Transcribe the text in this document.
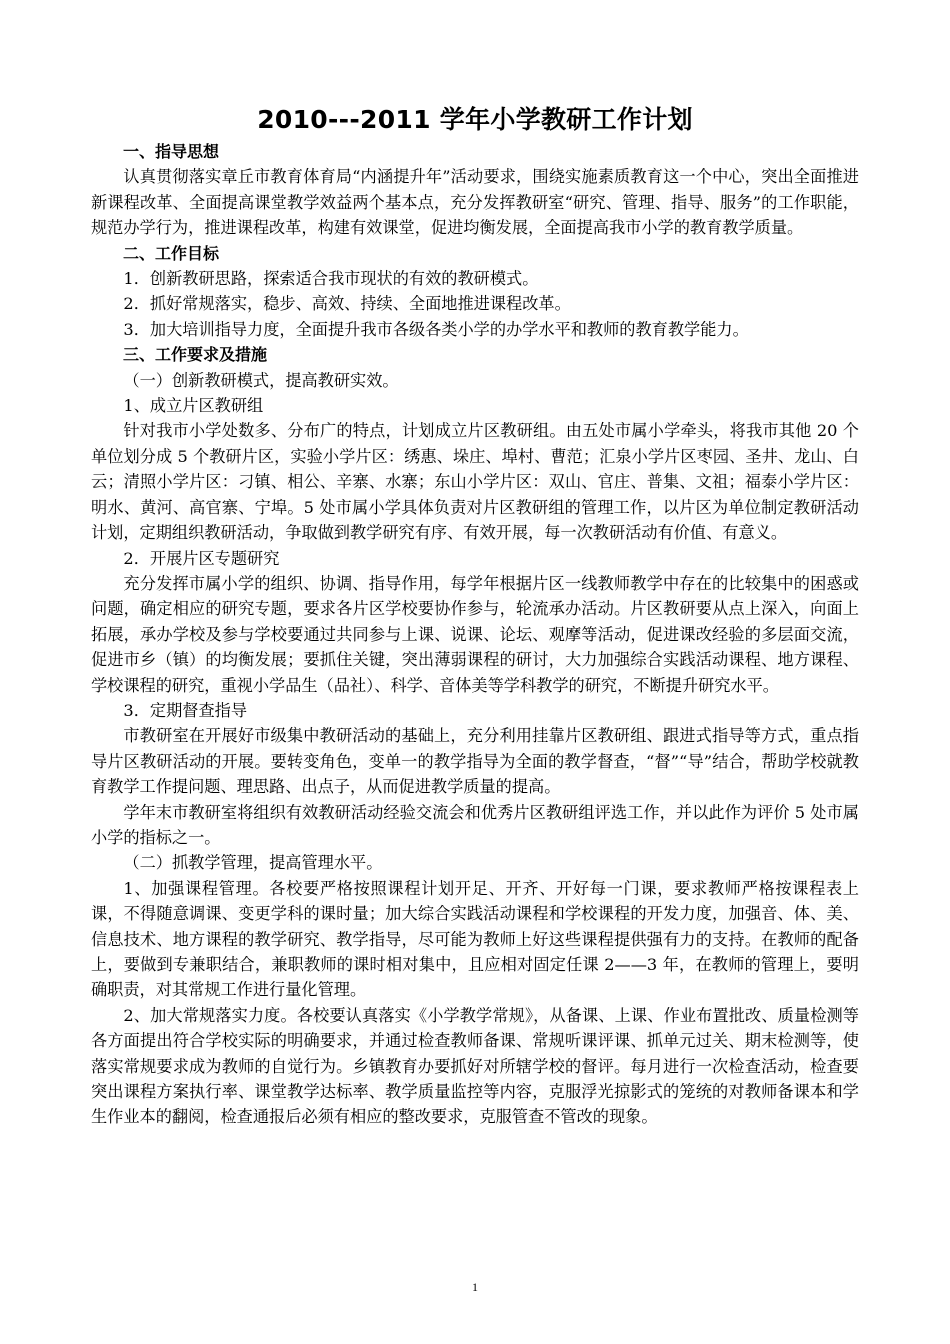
2010---2011 学年小学教研工作计划

一、指导思想

认真贯彻落实章丘市教育体育局“内涵提升年”活动要求，围绕实施素质教育这一个中心，突出全面推进新课程改革、全面提高课堂教学效益两个基本点，充分发挥教研室“研究、管理、指导、服务”的工作职能，规范办学行为，推进课程改革，构建有效课堂，促进均衡发展，全面提高我市小学的教育教学质量。

二、工作目标

1．创新教研思路，探索适合我市现状的有效的教研模式。

2．抓好常规落实，稳步、高效、持续、全面地推进课程改革。

3．加大培训指导力度，全面提升我市各级各类小学的办学水平和教师的教育教学能力。

三、工作要求及措施

（一）创新教研模式，提高教研实效。

1、成立片区教研组

针对我市小学处数多、分布广的特点，计划成立片区教研组。由五处市属小学牵头，将我市其他 20 个单位划分成 5 个教研片区，实验小学片区：绣惠、垛庄、埠村、曹范；汇泉小学片区枣园、圣井、龙山、白云；清照小学片区：刁镇、相公、辛寨、水寨；东山小学片区：双山、官庄、普集、文祖；福泰小学片区：明水、黄河、高官寨、宁埠。5 处市属小学具体负责对片区教研组的管理工作，以片区为单位制定教研活动计划，定期组织教研活动，争取做到教学研究有序、有效开展，每一次教研活动有价值、有意义。

2．开展片区专题研究

充分发挥市属小学的组织、协调、指导作用，每学年根据片区一线教师教学中存在的比较集中的困惑或问题，确定相应的研究专题，要求各片区学校要协作参与，轮流承办活动。片区教研要从点上深入，向面上拓展，承办学校及参与学校要通过共同参与上课、说课、论坛、观摩等活动，促进课改经验的多层面交流，促进市乡（镇）的均衡发展；要抓住关键，突出薄弱课程的研讨，大力加强综合实践活动课程、地方课程、学校课程的研究，重视小学品生（品社）、科学、音体美等学科教学的研究，不断提升研究水平。

3．定期督查指导

市教研室在开展好市级集中教研活动的基础上，充分利用挂靠片区教研组、跟进式指导等方式，重点指导片区教研活动的开展。要转变角色，变单一的教学指导为全面的教学督查，“督”“导”结合，帮助学校就教育教学工作提问题、理思路、出点子，从而促进教学质量的提高。

学年末市教研室将组织有效教研活动经验交流会和优秀片区教研组评选工作，并以此作为评价 5 处市属小学的指标之一。

（二）抓教学管理，提高管理水平。

1、加强课程管理。各校要严格按照课程计划开足、开齐、开好每一门课，要求教师严格按课程表上课，不得随意调课、变更学科的课时量；加大综合实践活动课程和学校课程的开发力度，加强音、体、美、信息技术、地方课程的教学研究、教学指导，尽可能为教师上好这些课程提供强有力的支持。在教师的配备上，要做到专兼职结合，兼职教师的课时相对集中，且应相对固定任课 2——3 年，在教师的管理上，要明确职责，对其常规工作进行量化管理。

2、加大常规落实力度。各校要认真落实《小学教学常规》，从备课、上课、作业布置批改、质量检测等各方面提出符合学校实际的明确要求，并通过检查教师备课、常规听课评课、抓单元过关、期末检测等，使落实常规要求成为教师的自觉行为。乡镇教育办要抓好对所辖学校的督评。每月进行一次检查活动，检查要突出课程方案执行率、课堂教学达标率、教学质量监控等内容，克服浮光掠影式的笼统的对教师备课本和学生作业本的翻阅，检查通报后必须有相应的整改要求，克服管查不管改的现象。

1
